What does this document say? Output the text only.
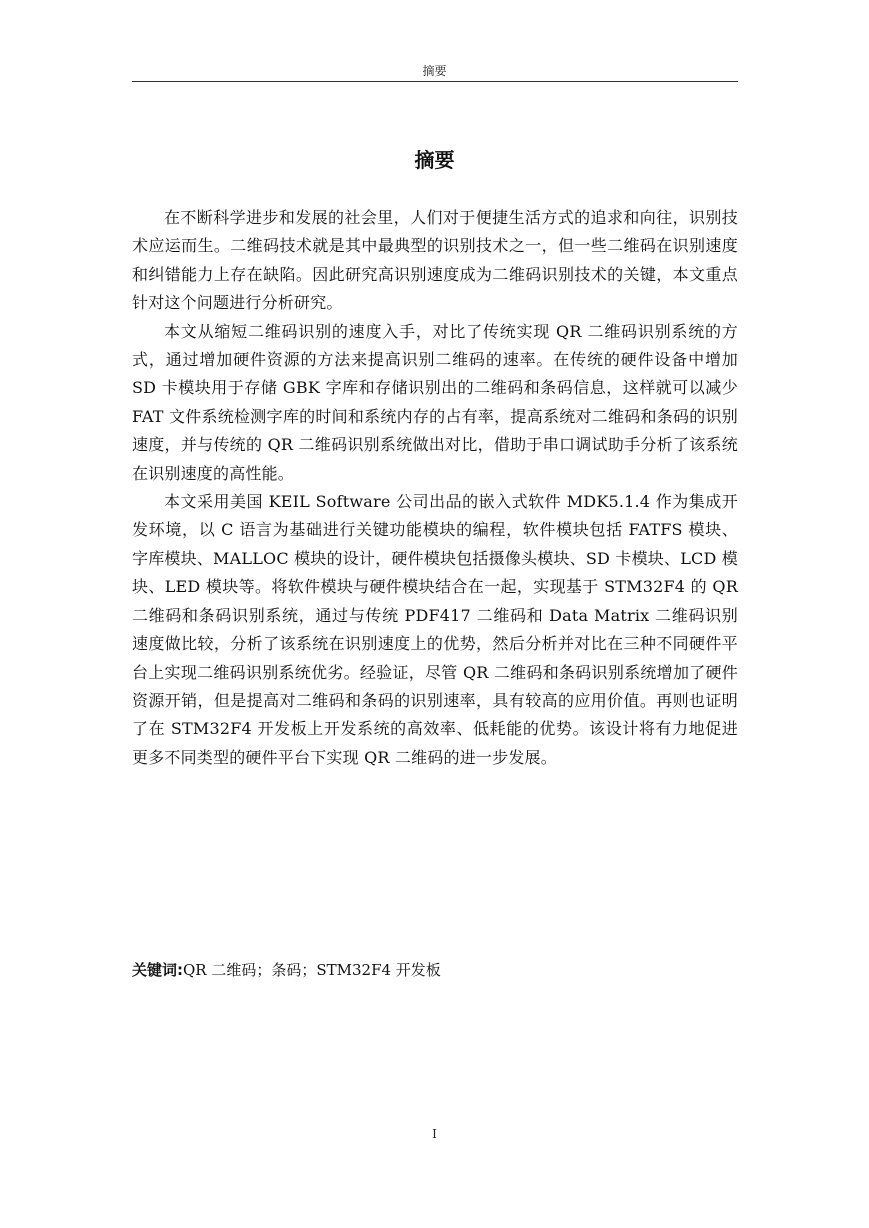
摘要
摘要

在不断科学进步和发展的社会里，人们对于便捷生活方式的追求和向往，识别技术应运而生。二维码技术就是其中最典型的识别技术之一，但一些二维码在识别速度和纠错能力上存在缺陷。因此研究高识别速度成为二维码识别技术的关键，本文重点针对这个问题进行分析研究。

本文从缩短二维码识别的速度入手，对比了传统实现 QR 二维码识别系统的方式，通过增加硬件资源的方法来提高识别二维码的速率。在传统的硬件设备中增加 SD 卡模块用于存储 GBK 字库和存储识别出的二维码和条码信息，这样就可以减少 FAT 文件系统检测字库的时间和系统内存的占有率，提高系统对二维码和条码的识别速度，并与传统的 QR 二维码识别系统做出对比，借助于串口调试助手分析了该系统在识别速度的高性能。

本文采用美国 KEIL Software 公司出品的嵌入式软件 MDK5.1.4 作为集成开发环境，以 C 语言为基础进行关键功能模块的编程，软件模块包括 FATFS 模块、字库模块、MALLOC 模块的设计，硬件模块包括摄像头模块、SD 卡模块、LCD 模块、LED 模块等。将软件模块与硬件模块结合在一起，实现基于 STM32F4 的 QR 二维码和条码识别系统，通过与传统 PDF417 二维码和 Data Matrix 二维码识别速度做比较，分析了该系统在识别速度上的优势，然后分析并对比在三种不同硬件平台上实现二维码识别系统优劣。经验证，尽管 QR 二维码和条码识别系统增加了硬件资源开销，但是提高对二维码和条码的识别速率，具有较高的应用价值。再则也证明了在 STM32F4 开发板上开发系统的高效率、低耗能的优势。该设计将有力地促进更多不同类型的硬件平台下实现 QR 二维码的进一步发展。

关键词:QR 二维码；条码；STM32F4 开发板
I
